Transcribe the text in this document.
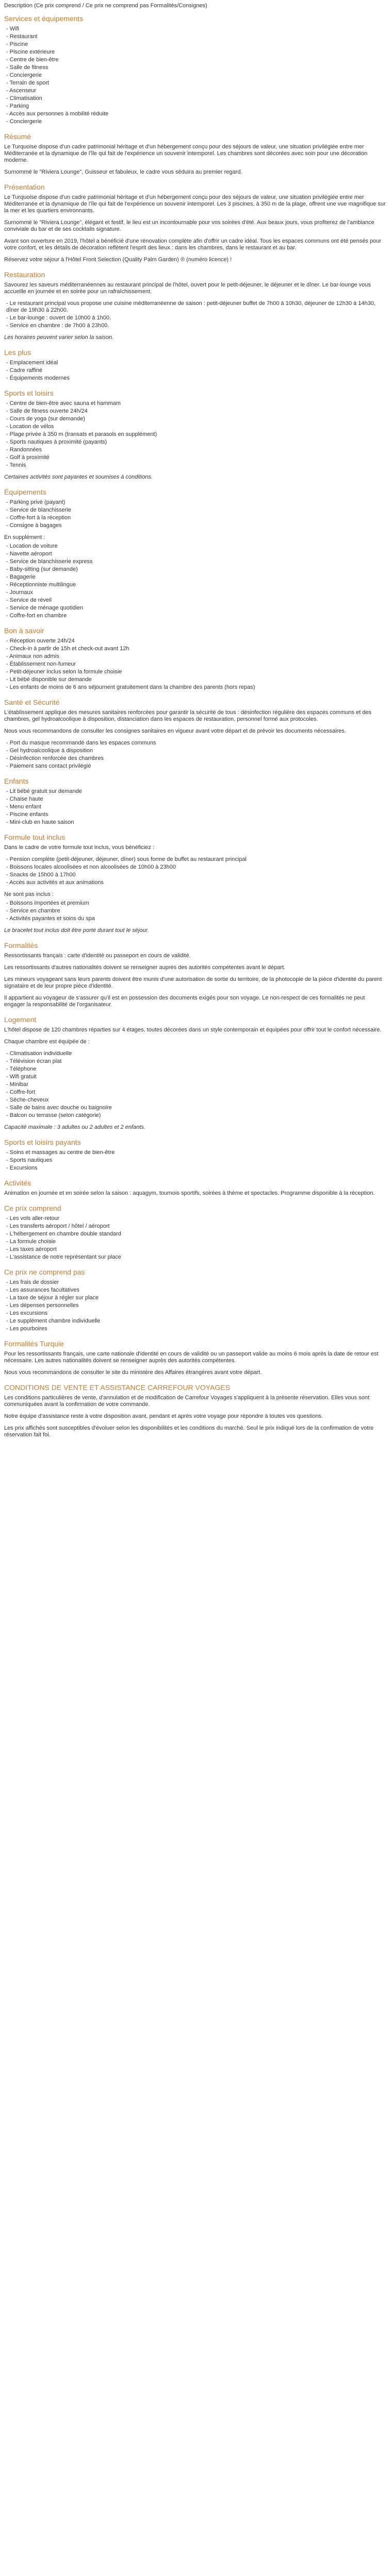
Description (Ce prix comprend / Ce prix ne comprend pas Formalités/Consignes)
Services et équipements
- Wifi
- Restaurant
- Piscine
- Piscine extérieure
- Centre de bien-être
- Salle de fitness
- Conciergerie
- Terrain de sport
- Ascenseur
- Climatisation
- Parking
- Accès aux personnes à mobilité réduite
- Conciergerie
Résumé

Le Turquoise dispose d'un cadre patrimonial héritage et d'un hébergement conçu pour des séjours de valeur, une situation privilégiée entre mer Méditerranée et la dynamique de l'île qui fait de l'expérience un souvenir intemporel. Les chambres sont décorées avec soin pour une décoration moderne.

Surnommé le "Riviera Lounge", Guisseur et fabuleux, le cadre vous séduira au premier regard.

Présentation

Le Turquoise dispose d'un cadre patrimonial héritage et d'un hébergement conçu pour des séjours de valeur, une situation privilégiée entre mer Méditerranée et la dynamique de l'île qui fait de l'expérience un souvenir intemporel. Les 3 piscines, à 350 m de la plage, offrent une vue magnifique sur la mer et les quartiers environnants.

Surnommé le "Riviera Lounge", élégant et festif, le lieu est un incontournable pour vos soirées d'été. Aux beaux jours, vous profiterez de l'ambiance conviviale du bar et de ses cocktails signature.

Avant son ouverture en 2019, l'hôtel a bénéficié d'une rénovation complète afin d'offrir un cadre idéal. Tous les espaces communs ont été pensés pour votre confort, et les détails de décoration reflètent l'esprit des lieux : dans les chambres, dans le restaurant et au bar.

Réservez votre séjour à l'Hôtel Front Selection (Quality Palm Garden) ® (numéro licence) !

Restauration

Savourez les saveurs méditerranéennes au restaurant principal de l'hôtel, ouvert pour le petit-déjeuner, le déjeuner et le dîner. Le bar-lounge vous accueille en journée et en soirée pour un rafraîchissement.

- Le restaurant principal vous propose une cuisine méditerranéenne de saison : petit-déjeuner buffet de 7h00 à 10h30, déjeuner de 12h30 à 14h30, dîner de 19h30 à 22h00.
- Le bar-lounge : ouvert de 10h00 à 1h00.
- Service en chambre : de 7h00 à 23h00.

Les horaires peuvent varier selon la saison.

Les plus
- Emplacement idéal
- Cadre raffiné
- Équipements modernes
Sports et loisirs
- Centre de bien-être avec sauna et hammam
- Salle de fitness ouverte 24h/24
- Cours de yoga (sur demande)
- Location de vélos
- Plage privée à 350 m (transats et parasols en supplément)
- Sports nautiques à proximité (payants)
- Randonnées
- Golf à proximité
- Tennis

Certaines activités sont payantes et soumises à conditions.

Équipements
- Parking privé (payant)
- Service de blanchisserie
- Coffre-fort à la réception
- Consigne à bagages

En supplément :

- Location de voiture
- Navette aéroport
- Service de blanchisserie express
- Baby-sitting (sur demande)
- Bagagerie
- Réceptionniste multilingue
- Journaux
- Service de réveil
- Service de ménage quotidien
- Coffre-fort en chambre
Bon à savoir
- Réception ouverte 24h/24
- Check-in à partir de 15h et check-out avant 12h
- Animaux non admis
- Établissement non-fumeur
- Petit-déjeuner inclus selon la formule choisie
- Lit bébé disponible sur demande
- Les enfants de moins de 6 ans séjournent gratuitement dans la chambre des parents (hors repas)
Santé et Sécurité

L'établissement applique des mesures sanitaires renforcées pour garantir la sécurité de tous : désinfection régulière des espaces communs et des chambres, gel hydroalcoolique à disposition, distanciation dans les espaces de restauration, personnel formé aux protocoles.

Nous vous recommandons de consulter les consignes sanitaires en vigueur avant votre départ et de prévoir les documents nécessaires.

- Port du masque recommandé dans les espaces communs
- Gel hydroalcoolique à disposition
- Désinfection renforcée des chambres
- Paiement sans contact privilégié
Enfants
- Lit bébé gratuit sur demande
- Chaise haute
- Menu enfant
- Piscine enfants
- Mini-club en haute saison
Formule tout inclus

Dans le cadre de votre formule tout inclus, vous bénéficiez :

- Pension complète (petit-déjeuner, déjeuner, dîner) sous forme de buffet au restaurant principal
- Boissons locales alcoolisées et non alcoolisées de 10h00 à 23h00
- Snacks de 15h00 à 17h00
- Accès aux activités et aux animations

Ne sont pas inclus :

- Boissons importées et premium
- Service en chambre
- Activités payantes et soins du spa

Le bracelet tout inclus doit être porté durant tout le séjour.

Formalités

Ressortissants français : carte d'identité ou passeport en cours de validité.

Les ressortissants d'autres nationalités doivent se renseigner auprès des autorités compétentes avant le départ.

Les mineurs voyageant sans leurs parents doivent être munis d'une autorisation de sortie du territoire, de la photocopie de la pièce d'identité du parent signataire et de leur propre pièce d'identité.

Il appartient au voyageur de s'assurer qu'il est en possession des documents exigés pour son voyage. Le non-respect de ces formalités ne peut engager la responsabilité de l'organisateur.

Logement

L'hôtel dispose de 120 chambres réparties sur 4 étages, toutes décorées dans un style contemporain et équipées pour offrir tout le confort nécessaire.

Chaque chambre est équipée de :

- Climatisation individuelle
- Télévision écran plat
- Téléphone
- Wifi gratuit
- Minibar
- Coffre-fort
- Sèche-cheveux
- Salle de bains avec douche ou baignoire
- Balcon ou terrasse (selon catégorie)

Capacité maximale : 3 adultes ou 2 adultes et 2 enfants.

Sports et loisirs payants
- Soins et massages au centre de bien-être
- Sports nautiques
- Excursions
Activités

Animation en journée et en soirée selon la saison : aquagym, tournois sportifs, soirées à thème et spectacles. Programme disponible à la réception.

Ce prix comprend
- Les vols aller-retour
- Les transferts aéroport / hôtel / aéroport
- L'hébergement en chambre double standard
- La formule choisie
- Les taxes aéroport
- L'assistance de notre représentant sur place
Ce prix ne comprend pas
- Les frais de dossier
- Les assurances facultatives
- La taxe de séjour à régler sur place
- Les dépenses personnelles
- Les excursions
- Le supplément chambre individuelle
- Les pourboires
Formalités Turquie

Pour les ressortissants français, une carte nationale d'identité en cours de validité ou un passeport valide au moins 6 mois après la date de retour est nécessaire. Les autres nationalités doivent se renseigner auprès des autorités compétentes.

Nous vous recommandons de consulter le site du ministère des Affaires étrangères avant votre départ.

CONDITIONS DE VENTE ET ASSISTANCE CARREFOUR VOYAGES

Les conditions particulières de vente, d'annulation et de modification de Carrefour Voyages s'appliquent à la présente réservation. Elles vous sont communiquées avant la confirmation de votre commande.

Notre équipe d'assistance reste à votre disposition avant, pendant et après votre voyage pour répondre à toutes vos questions.

Les prix affichés sont susceptibles d'évoluer selon les disponibilités et les conditions du marché. Seul le prix indiqué lors de la confirmation de votre réservation fait foi.
